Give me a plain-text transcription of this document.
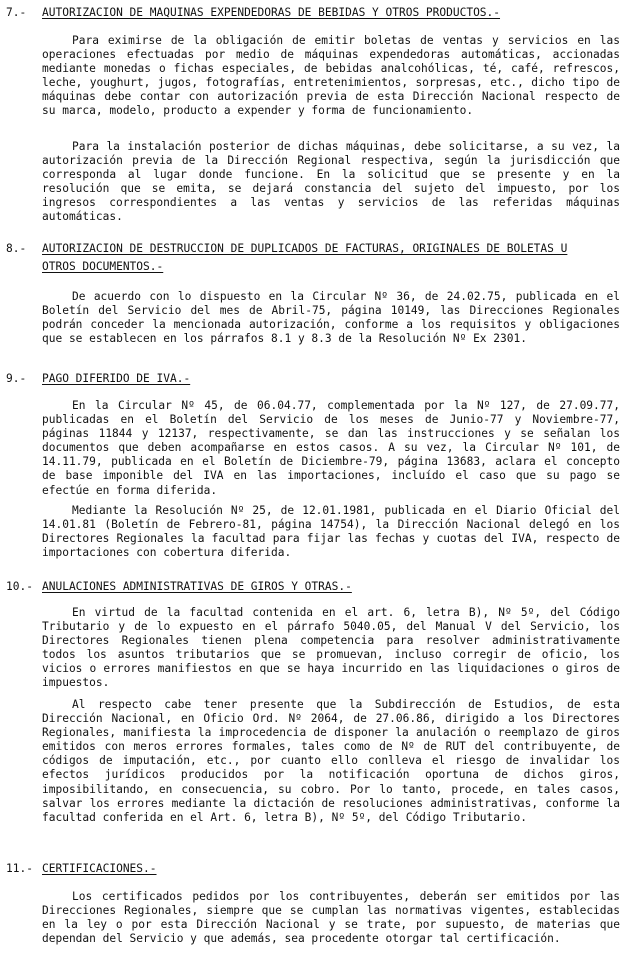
7.- AUTORIZACION DE MAQUINAS EXPENDEDORAS DE BEBIDAS Y OTROS PRODUCTOS.-

Para eximirse de la obligación de emitir boletas de ventas y servicios en las operaciones efectuadas por medio de máquinas expendedoras automáticas, accionadas mediante monedas o fichas especiales, de bebidas analcohólicas, té, café, refrescos, leche, youghurt, jugos, fotografías, entretenimientos, sorpresas, etc., dicho tipo de máquinas debe contar con autorización previa de esta Dirección Nacional respecto de su marca, modelo, producto a expender y forma de funcionamiento.

Para la instalación posterior de dichas máquinas, debe solicitarse, a su vez, la autorización previa de la Dirección Regional respectiva, según la jurisdicción que corresponda al lugar donde funcione. En la solicitud que se presente y en la resolución que se emita, se dejará constancia del sujeto del impuesto, por los ingresos correspondientes a las ventas y servicios de las referidas máquinas automáticas.

8.- AUTORIZACION DE DESTRUCCION DE DUPLICADOS DE FACTURAS, ORIGINALES DE BOLETAS U
OTROS DOCUMENTOS.-

De acuerdo con lo dispuesto en la Circular Nº 36, de 24.02.75, publicada en el Boletín del Servicio del mes de Abril-75, página 10149, las Direcciones Regionales podrán conceder la mencionada autorización, conforme a los requisitos y obligaciones que se establecen en los párrafos 8.1 y 8.3 de la Resolución Nº Ex 2301.

9.- PAGO DIFERIDO DE IVA.-

En la Circular Nº 45, de 06.04.77, complementada por la Nº 127, de 27.09.77, publicadas en el Boletín del Servicio de los meses de Junio-77 y Noviembre-77, páginas 11844 y 12137, respectivamente, se dan las instrucciones y se señalan los documentos que deben acompañarse en estos casos. A su vez, la Circular Nº 101, de 14.11.79, publicada en el Boletín de Diciembre-79, página 13683, aclara el concepto de base imponible del IVA en las importaciones, incluído el caso que su pago se efectúe en forma diferida.

Mediante la Resolución Nº 25, de 12.01.1981, publicada en el Diario Oficial del 14.01.81 (Boletín de Febrero-81, página 14754), la Dirección Nacional delegó en los Directores Regionales la facultad para fijar las fechas y cuotas del IVA, respecto de importaciones con cobertura diferida.

10.- ANULACIONES ADMINISTRATIVAS DE GIROS Y OTRAS.-

En virtud de la facultad contenida en el art. 6, letra B), Nº 5º, del Código Tributario y de lo expuesto en el párrafo 5040.05, del Manual V del Servicio, los Directores Regionales tienen plena competencia para resolver administrativamente todos los asuntos tributarios que se promuevan, incluso corregir de oficio, los vicios o errores manifiestos en que se haya incurrido en las liquidaciones o giros de impuestos.

Al respecto cabe tener presente que la Subdirección de Estudios, de esta Dirección Nacional, en Oficio Ord. Nº 2064, de 27.06.86, dirigido a los Directores Regionales, manifiesta la improcedencia de disponer la anulación o reemplazo de giros emitidos con meros errores formales, tales como de Nº de RUT del contribuyente, de códigos de imputación, etc., por cuanto ello conlleva el riesgo de invalidar los efectos jurídicos producidos por la notificación oportuna de dichos giros, imposibilitando, en consecuencia, su cobro. Por lo tanto, procede, en tales casos, salvar los errores mediante la dictación de resoluciones administrativas, conforme la facultad conferida en el Art. 6, letra B), Nº 5º, del Código Tributario.

11.- CERTIFICACIONES.-

Los certificados pedidos por los contribuyentes, deberán ser emitidos por las Direcciones Regionales, siempre que se cumplan las normativas vigentes, establecidas en la ley o por esta Dirección Nacional y se trate, por supuesto, de materias que dependan del Servicio y que además, sea procedente otorgar tal certificación.
